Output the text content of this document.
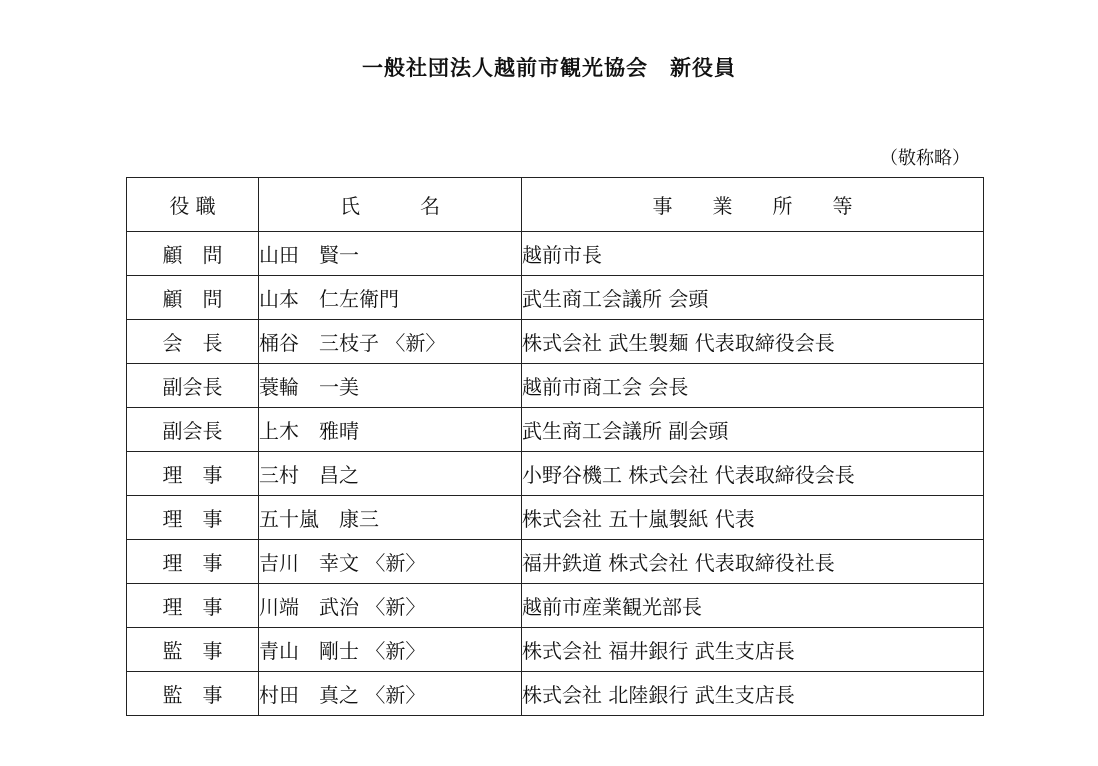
一般社団法人越前市観光協会　新役員
（敬称略）
役 職	氏　　　名	事　　業　　所　　等
顧　問	山田　賢一	越前市長
顧　問	山本　仁左衛門	武生商工会議所 会頭
会　長	桶谷　三枝子 〈新〉	株式会社 武生製麺 代表取締役会長
副会長	蓑輪　一美	越前市商工会 会長
副会長	上木　雅晴	武生商工会議所 副会頭
理　事	三村　昌之	小野谷機工 株式会社 代表取締役会長
理　事	五十嵐　康三	株式会社 五十嵐製紙 代表
理　事	吉川　幸文 〈新〉	福井鉄道 株式会社 代表取締役社長
理　事	川端　武治 〈新〉	越前市産業観光部長
監　事	青山　剛士 〈新〉	株式会社 福井銀行 武生支店長
監　事	村田　真之 〈新〉	株式会社 北陸銀行 武生支店長
